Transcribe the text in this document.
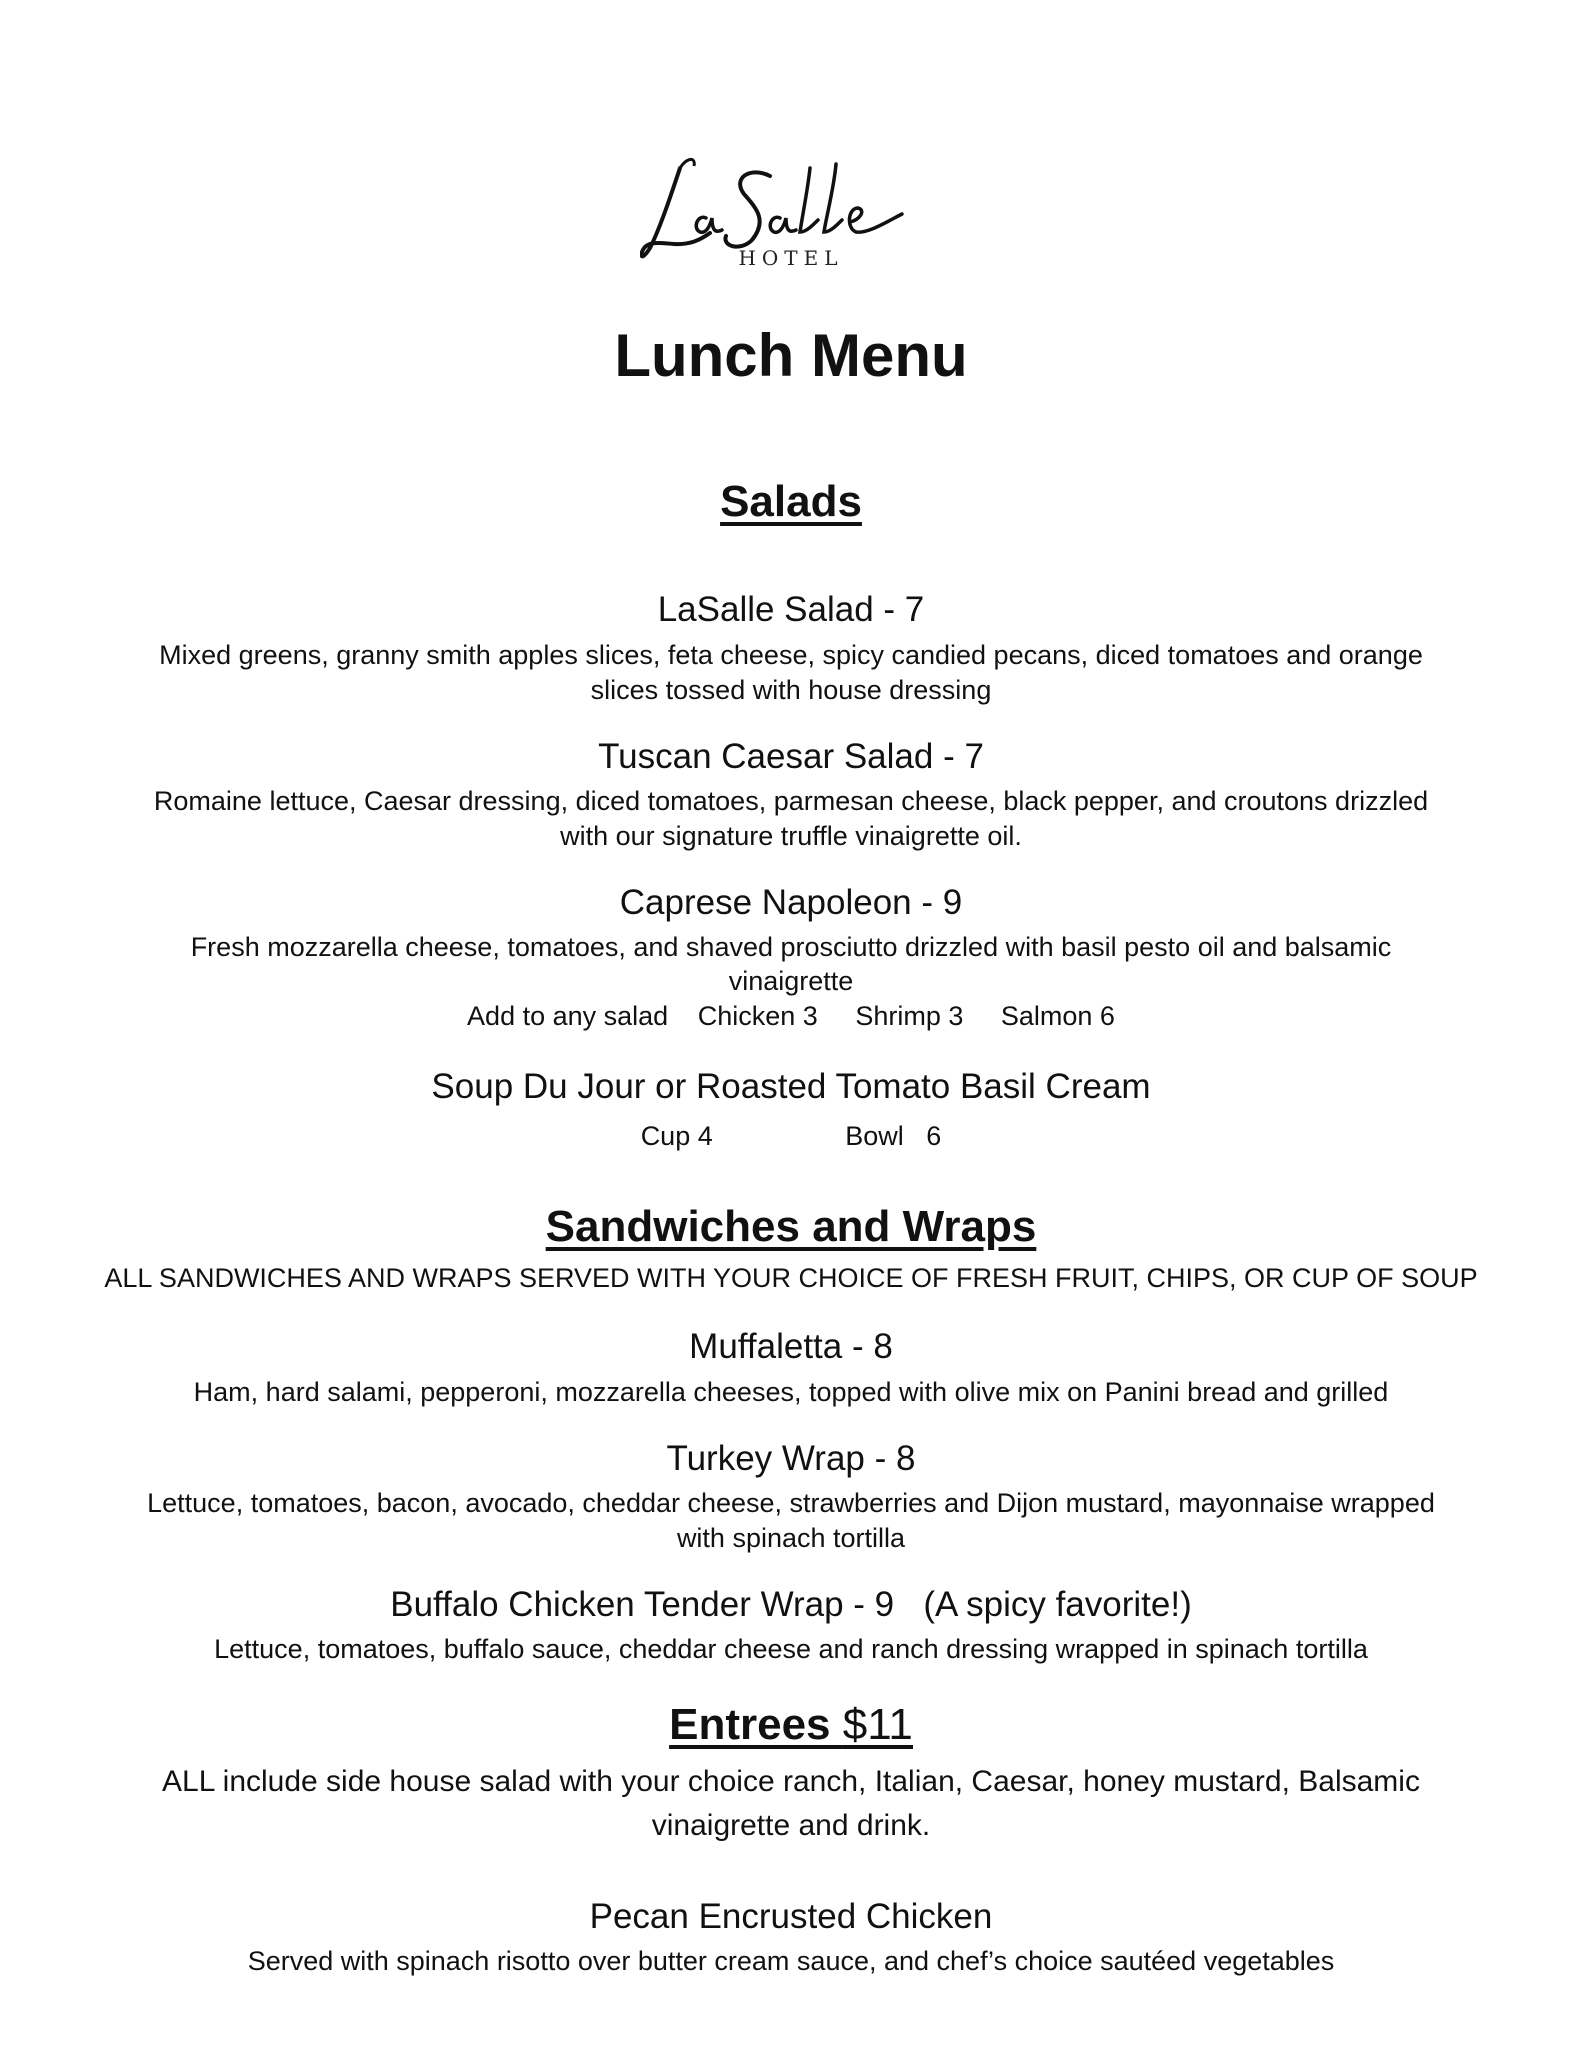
HOTEL
Lunch Menu
Salads
LaSalle Salad - 7
Mixed greens, granny smith apples slices, feta cheese, spicy candied pecans, diced tomatoes and orange
slices tossed with house dressing
Tuscan Caesar Salad - 7
Romaine lettuce, Caesar dressing, diced tomatoes, parmesan cheese, black pepper, and croutons drizzled
with our signature truffle vinaigrette oil.
Caprese Napoleon - 9
Fresh mozzarella cheese, tomatoes, and shaved prosciutto drizzled with basil pesto oil and balsamic
vinaigrette
Add to any salad Chicken 3 Shrimp 3 Salmon 6
Soup Du Jour or Roasted Tomato Basil Cream
Cup 4	Bowl   6
Sandwiches and Wraps
ALL SANDWICHES AND WRAPS SERVED WITH YOUR CHOICE OF FRESH FRUIT, CHIPS, OR CUP OF SOUP
Muffaletta - 8
Ham, hard salami, pepperoni, mozzarella cheeses, topped with olive mix on Panini bread and grilled
Turkey Wrap - 8
Lettuce, tomatoes, bacon, avocado, cheddar cheese, strawberries and Dijon mustard, mayonnaise wrapped
with spinach tortilla
Buffalo Chicken Tender Wrap - 9   (A spicy favorite!)
Lettuce, tomatoes, buffalo sauce, cheddar cheese and ranch dressing wrapped in spinach tortilla
Entrees $11
ALL include side house salad with your choice ranch, Italian, Caesar, honey mustard, Balsamic
vinaigrette and drink.
Pecan Encrusted Chicken
Served with spinach risotto over butter cream sauce, and chef’s choice sautéed vegetables
